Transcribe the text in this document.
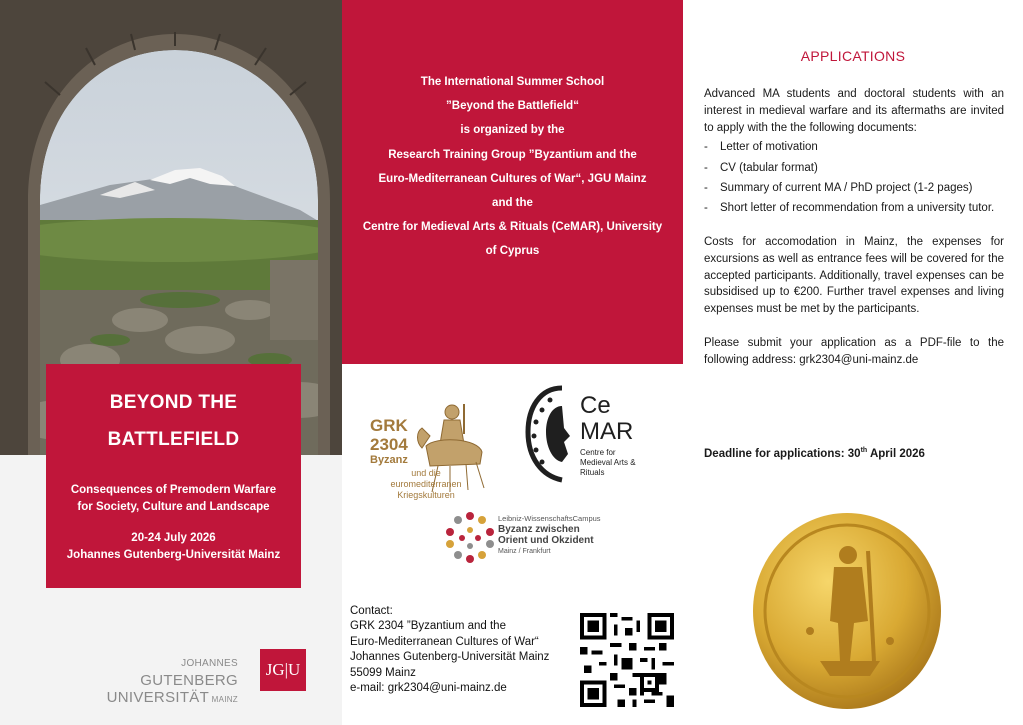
BEYOND THE
BATTLEFIELD
Consequences of Premodern Warfare
for Society, Culture and Landscape
20-24 July 2026
Johannes Gutenberg-Universität Mainz
JOHANNES GUTENBERG
UNIVERSITÄT MAINZ
JG|U
The International Summer School
”Beyond the Battlefield“
is organized by the
Research Training Group ”Byzantium and the
Euro-Mediterranean Cultures of War“, JGU Mainz
and the
Centre for Medieval Arts & Rituals (CeMAR), University
of Cyprus
GRK
2304
Byzanz
und die euromediterranen Kriegskulturen
Ce
MAR
Centre for
Medieval Arts &
Rituals
Leibniz-WissenschaftsCampus
Byzanz zwischen
Orient und Okzident
Mainz / Frankfurt
Contact:
GRK 2304 ”Byzantium and the
Euro-Mediterranean Cultures of War“
Johannes Gutenberg-Universität Mainz
55099 Mainz
e-mail: grk2304@uni-mainz.de
APPLICATIONS

Advanced MA students and doctoral students with an interest in medieval warfare and its aftermaths are invited to apply with the the following documents:

- Letter of motivation
- CV (tabular format)
- Summary of current MA / PhD project (1-2 pages)
- Short letter of recommendation from a university tutor.

Costs for accomodation in Mainz, the expenses for excursions as well as entrance fees will be covered for the accepted participants. Additionally, travel expenses can be subsidised up to €200. Further travel expenses and living expenses must be met by the participants.

Please submit your application as a PDF-file to the following address: grk2304@uni-mainz.de

Deadline for applications: 30th April 2026
